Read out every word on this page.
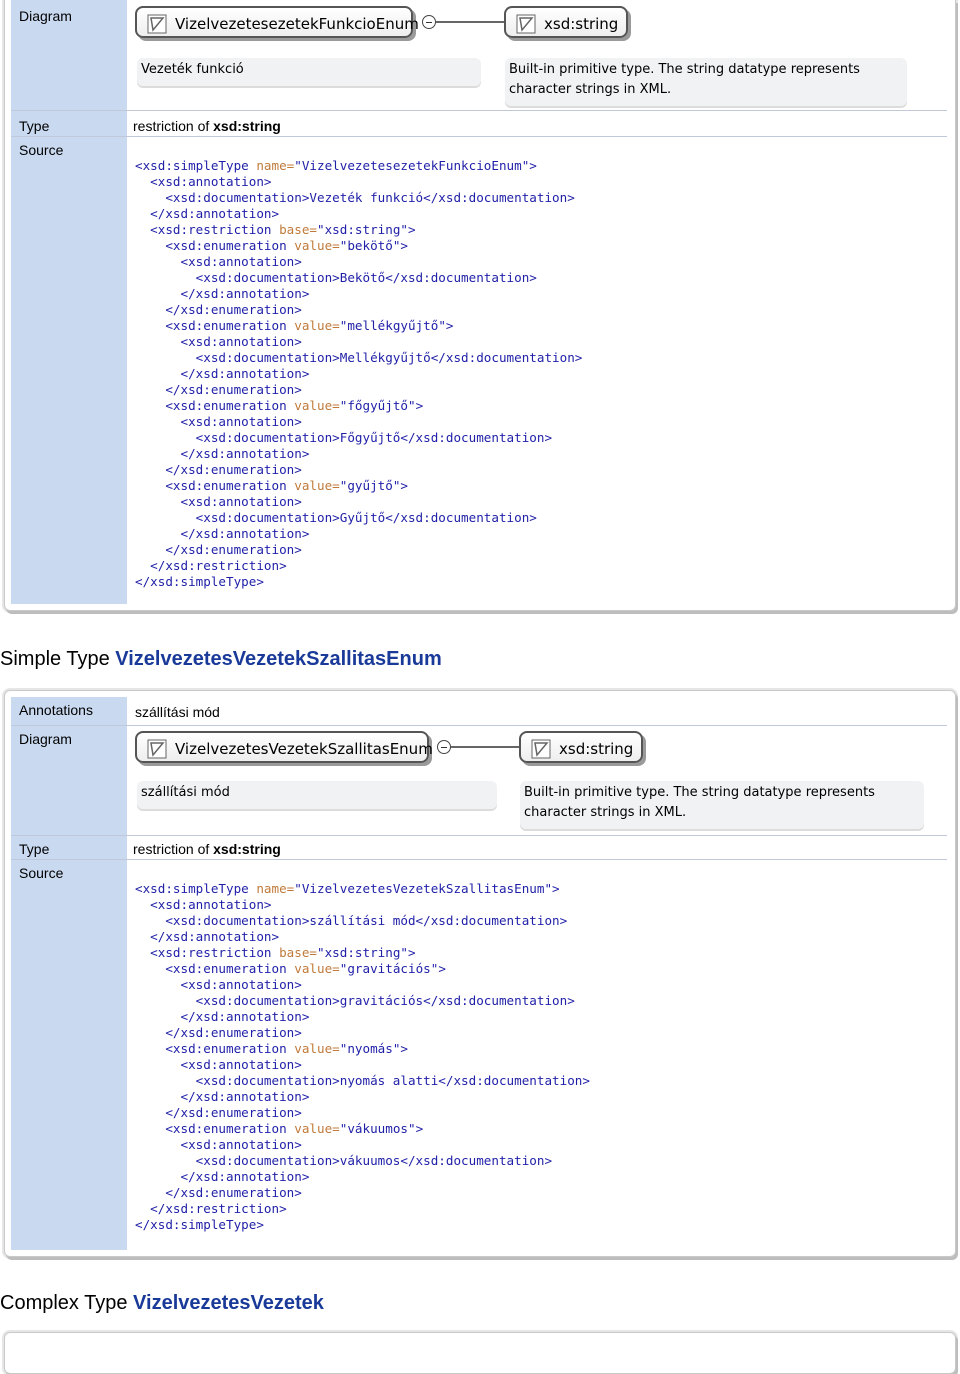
Diagram	VizelvezetesezetekFunkcioEnum	xsd:string
Vezeték funkció	Built-in primitive type. The string datatype represents
character strings in XML.
Type	restriction of xsd:string
Source
<xsd:simpleType name="VizelvezetesezetekFunkcioEnum">
<xsd:annotation>
<xsd:documentation>Vezeték funkció</xsd:documentation>
</xsd:annotation>
<xsd:restriction base="xsd:string">
<xsd:enumeration value="bekötő">
<xsd:annotation>
<xsd:documentation>Bekötő</xsd:documentation>
</xsd:annotation>
</xsd:enumeration>
<xsd:enumeration value="mellékgyűjtő">
<xsd:annotation>
<xsd:documentation>Mellékgyűjtő</xsd:documentation>
</xsd:annotation>
</xsd:enumeration>
<xsd:enumeration value="főgyűjtő">
<xsd:annotation>
<xsd:documentation>Főgyűjtő</xsd:documentation>
</xsd:annotation>
</xsd:enumeration>
<xsd:enumeration value="gyűjtő">
<xsd:annotation>
<xsd:documentation>Gyűjtő</xsd:documentation>
</xsd:annotation>
</xsd:enumeration>
</xsd:restriction>
</xsd:simpleType>

Simple Type VizelvezetesVezetekSzallitasEnum
Annotations	szállítási mód
Diagram
VizelvezetesVezetekSzallitasEnum	xsd:string
szállítási mód	Built-in primitive type. The string datatype represents
character strings in XML.
Type	restriction of xsd:string
Source
<xsd:simpleType name="VizelvezetesVezetekSzallitasEnum">
<xsd:annotation>
<xsd:documentation>szállítási mód</xsd:documentation>
</xsd:annotation>
<xsd:restriction base="xsd:string">
<xsd:enumeration value="gravitációs">
<xsd:annotation>
<xsd:documentation>gravitációs</xsd:documentation>
</xsd:annotation>
</xsd:enumeration>
<xsd:enumeration value="nyomás">
<xsd:annotation>
<xsd:documentation>nyomás alatti</xsd:documentation>
</xsd:annotation>
</xsd:enumeration>
<xsd:enumeration value="vákuumos">
<xsd:annotation>
<xsd:documentation>vákuumos</xsd:documentation>
</xsd:annotation>
</xsd:enumeration>
</xsd:restriction>
</xsd:simpleType>

Complex Type VizelvezetesVezetek
